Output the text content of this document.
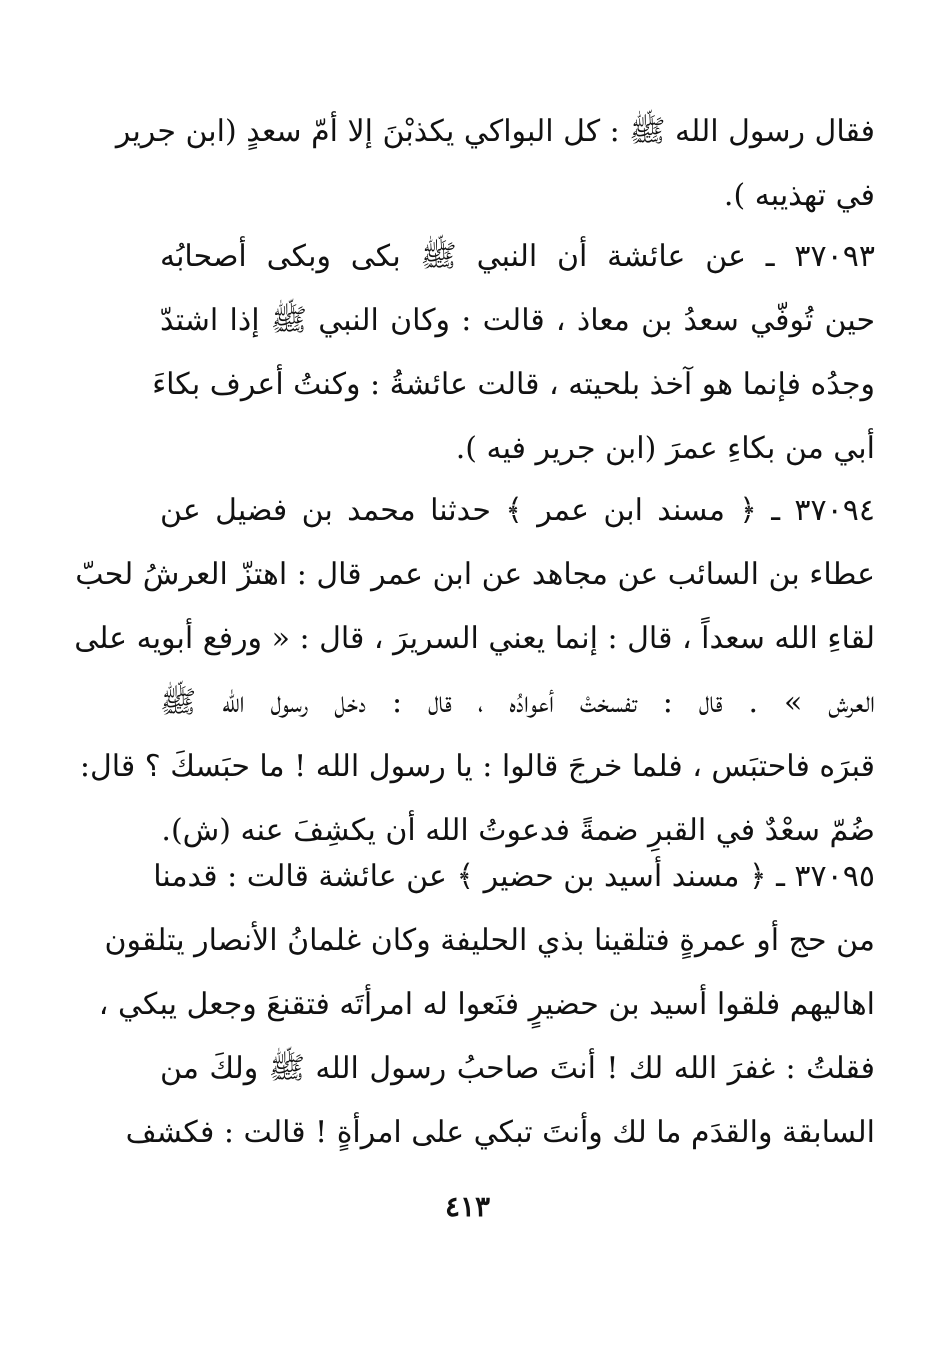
فقال رسول الله ﷺ : كل البواكي يكذبْنَ إلا أمّ سعدٍ (ابن جرير
في تهذيبه ).
٣٧٠٩٣ ـ عن عائشة أن النبي ﷺ بكى وبكى أصحابُه
حين تُوفّي سعدُ بن معاذ ، قالت : وكان النبي ﷺ إذا اشتدّ
وجدُه فإنما هو آخذ بلحيته ، قالت عائشةُ : وكنتُ أعرف بكاءَ
أبي من بكاءِ عمرَ (ابن جرير فيه ).
٣٧٠٩٤ ـ ﴿ مسند ابن عمر ﴾ حدثنا محمد بن فضيل عن
عطاء بن السائب عن مجاهد عن ابن عمر قال : اهتزّ العرشُ لحبّ
لقاءِ الله سعداً ، قال : إنما يعني السريرَ ، قال : « ورفع أبويه على
العرش » . قال : تفسختْ أعوادُه ، قال : دخل رسول الله ﷺ
قبرَه فاحتبَس ، فلما خرجَ قالوا : يا رسول الله ! ما حبَسكَ ؟ قال:
ضُمّ سعْدٌ في القبرِ ضمةً فدعوتُ الله أن يكشِفَ عنه (ش).
٣٧٠٩٥ ـ ﴿ مسند أسيد بن حضير ﴾ عن عائشة قالت : قدمنا
من حج أو عمرةٍ فتلقينا بذي الحليفة وكان غلمانُ الأنصار يتلقون
اهاليهم فلقوا أسيد بن حضيرٍ فنَعوا له امرأتَه فتقنعَ وجعل يبكي ،
فقلتُ : غفرَ الله لك ! أنتَ صاحبُ رسول الله ﷺ ولكَ من
السابقة والقدَم ما لك وأنتَ تبكي على امرأةٍ ! قالت : فكشف
٤١٣
